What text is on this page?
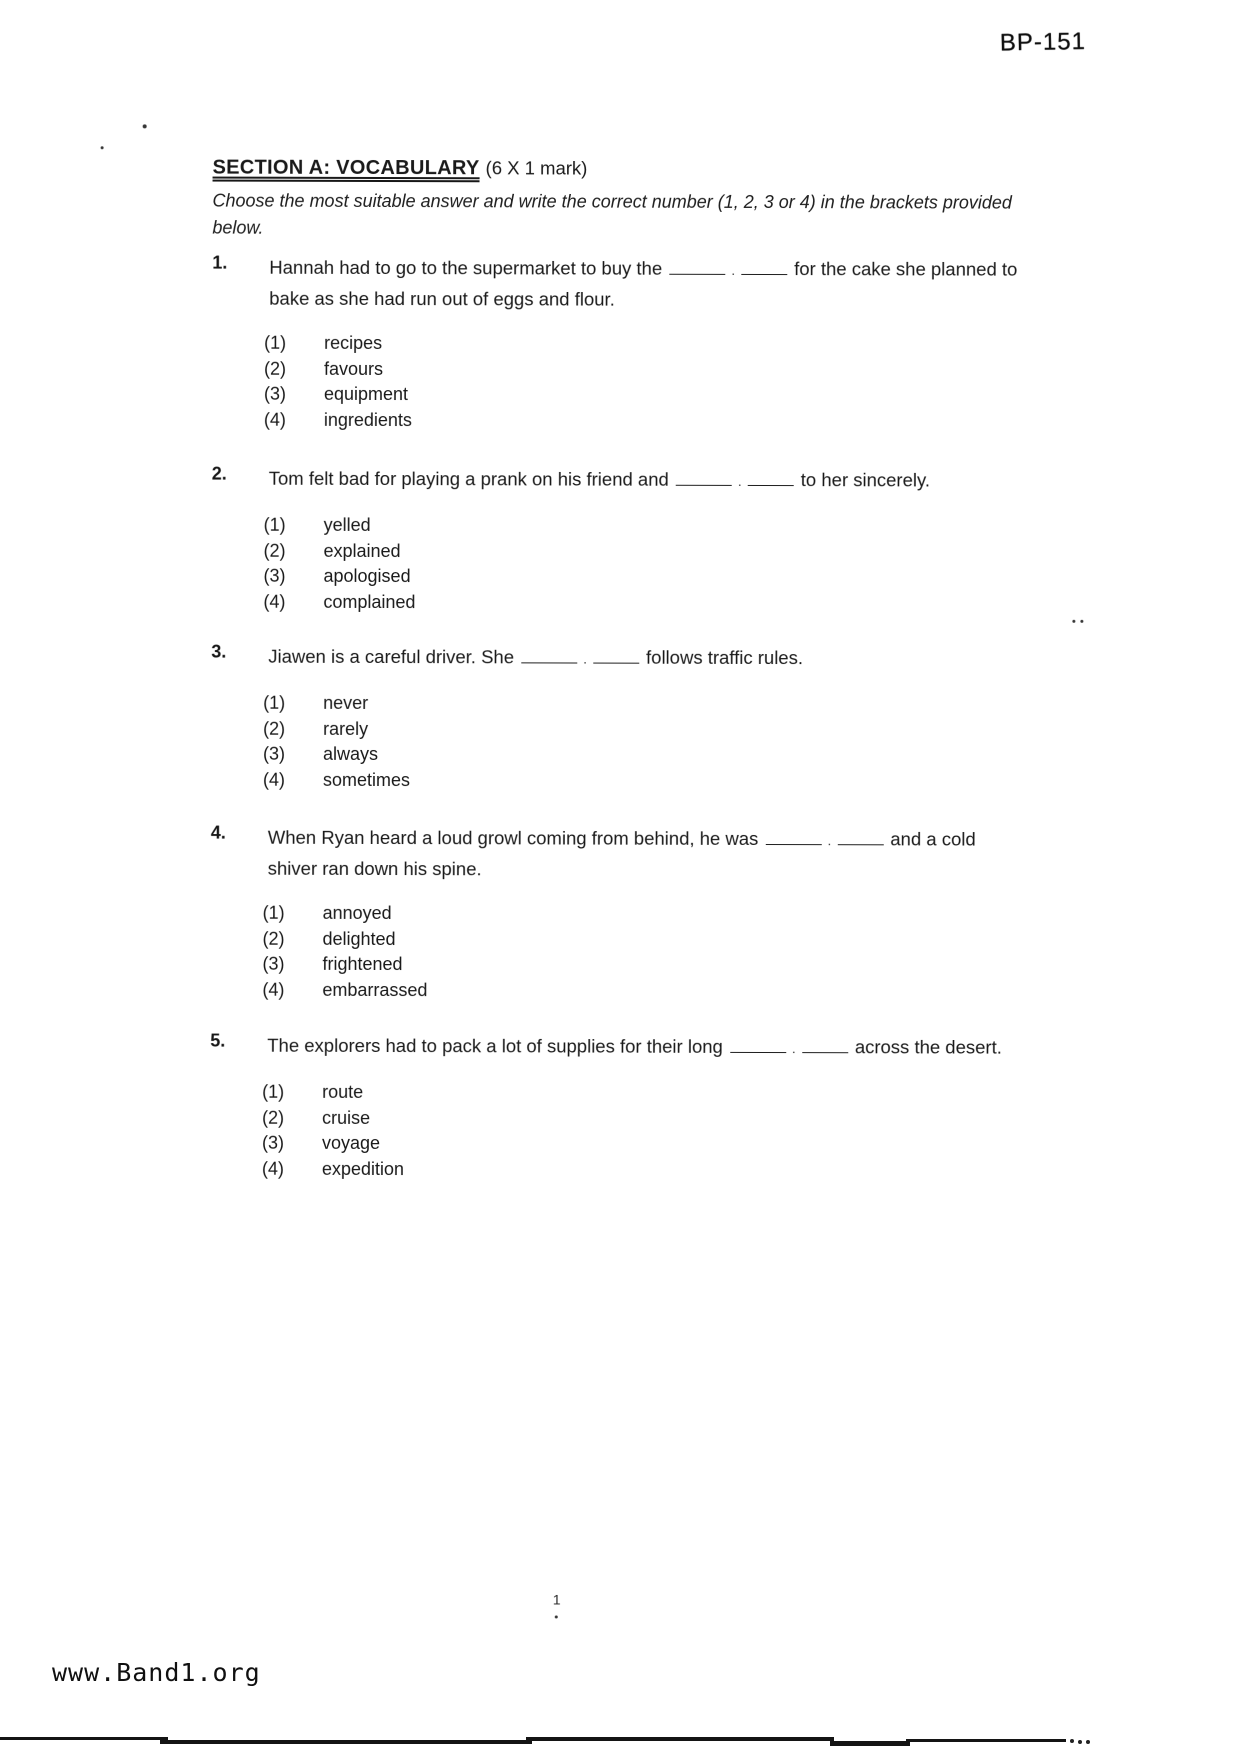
BP-151
SECTION A: VOCABULARY (6 X 1 mark)
Choose the most suitable answer and write the correct number (1, 2, 3 or 4) in the brackets provided below.
1. Hannah had to go to the supermarket to buy the	.	for the cake she planned to bake as she had run out of eggs and flour.
(1)	recipes
(2)	favours
(3)	equipment
(4)	ingredients
2. Tom felt bad for playing a prank on his friend and	.	to her sincerely.
(1)	yelled
(2)	explained
(3)	apologised
(4)	complained
3. Jiawen is a careful driver. She	.	follows traffic rules.
(1)	never
(2)	rarely
(3)	always
(4)	sometimes
4. When Ryan heard a loud growl coming from behind, he was	.	and a cold shiver ran down his spine.
(1)	annoyed
(2)	delighted
(3)	frightened
(4)	embarrassed
5. The explorers had to pack a lot of supplies for their long	.	across the desert.
(1)	route
(2)	cruise
(3)	voyage
(4)	expedition
1
www.Band1.org
